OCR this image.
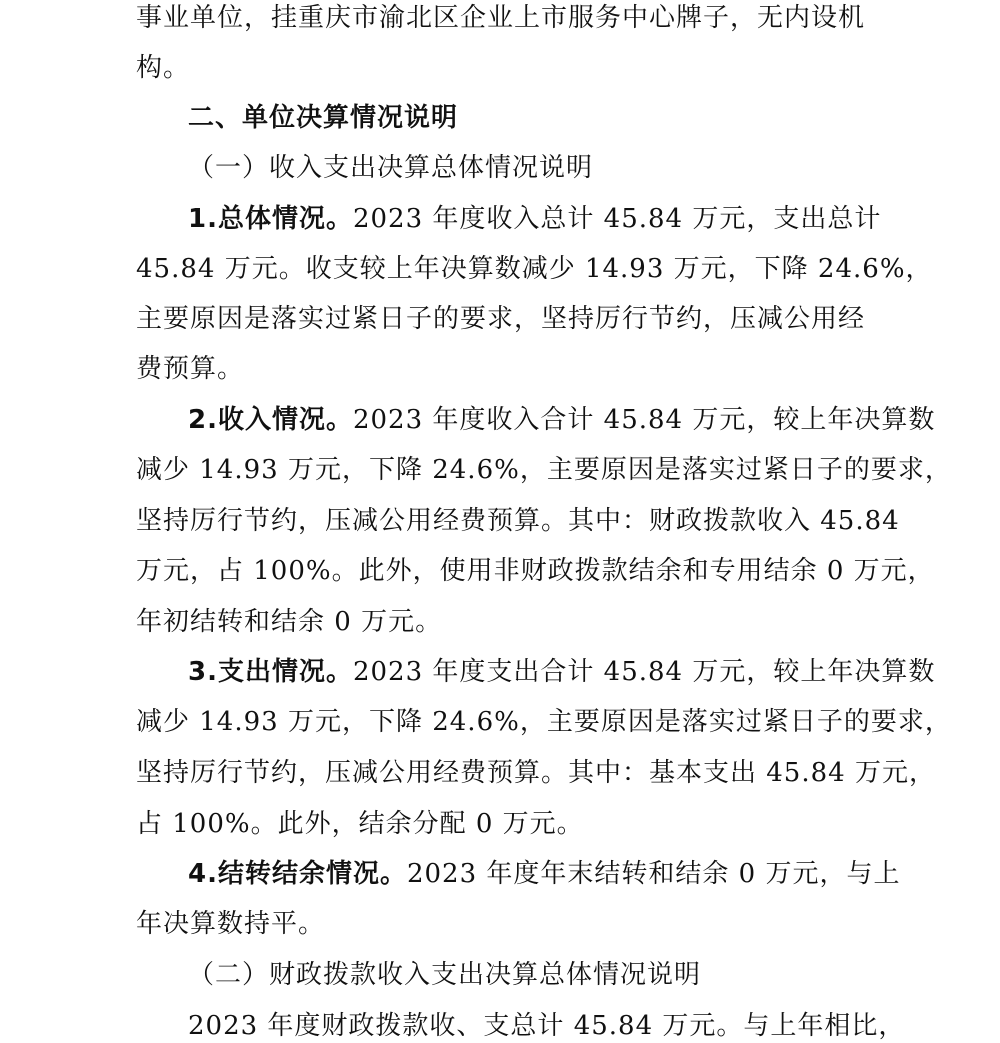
事业单位，挂重庆市渝北区企业上市服务中心牌子，无内设机
构。
二、单位决算情况说明
（一）收入支出决算总体情况说明
1.总体情况。2023 年度收入总计 45.84 万元，支出总计
45.84 万元。收支较上年决算数减少 14.93 万元，下降 24.6%，
主要原因是落实过紧日子的要求，坚持厉行节约，压减公用经
费预算。
2.收入情况。2023 年度收入合计 45.84 万元，较上年决算数
减少 14.93 万元，下降 24.6%，主要原因是落实过紧日子的要求，
坚持厉行节约，压减公用经费预算。其中：财政拨款收入 45.84
万元，占 100%。此外，使用非财政拨款结余和专用结余 0 万元，
年初结转和结余 0 万元。
3.支出情况。2023 年度支出合计 45.84 万元，较上年决算数
减少 14.93 万元，下降 24.6%，主要原因是落实过紧日子的要求，
坚持厉行节约，压减公用经费预算。其中：基本支出 45.84 万元，
占 100%。此外，结余分配 0 万元。
4.结转结余情况。2023 年度年末结转和结余 0 万元，与上
年决算数持平。
（二）财政拨款收入支出决算总体情况说明
2023 年度财政拨款收、支总计 45.84 万元。与上年相比，
